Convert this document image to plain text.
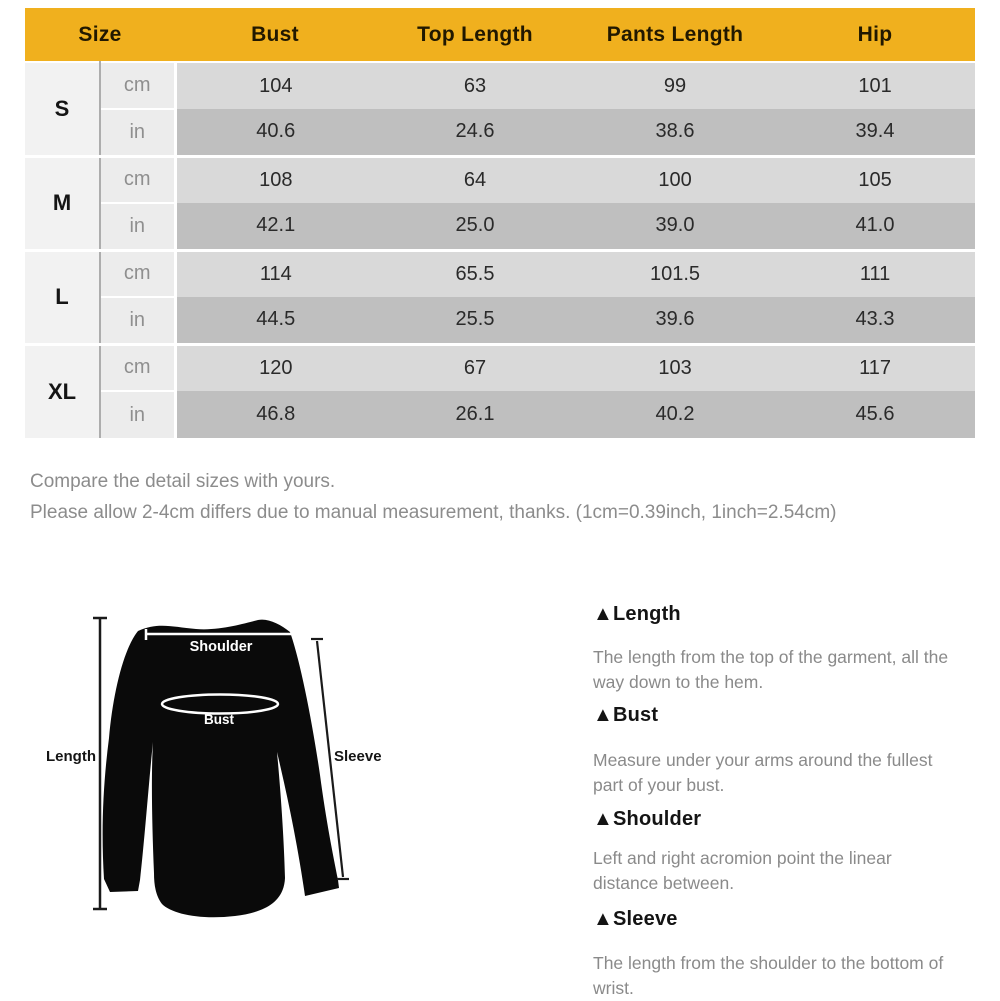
Size		Bust	Top Length	Pants Length	Hip
S	cm	104	63	99	101
	in	40.6	24.6	38.6	39.4
M	cm	108	64	100	105
	in	42.1	25.0	39.0	41.0
L	cm	114	65.5	101.5	111
	in	44.5	25.5	39.6	43.3
XL	cm	120	67	103	117
	in	46.8	26.1	40.2	45.6
Compare the detail sizes with yours.
Please allow 2-4cm differs due to manual measurement, thanks. (1cm=0.39inch, 1inch=2.54cm)
Shoulder
Bust
Length	Sleeve
▲Length
The length from the top of the garment, all the
way down to the hem.
▲Bust
Measure under your arms around the fullest
part of your bust.
▲Shoulder
Left and right acromion point the linear
distance between.
▲Sleeve
The length from the shoulder to the bottom of
wrist.
